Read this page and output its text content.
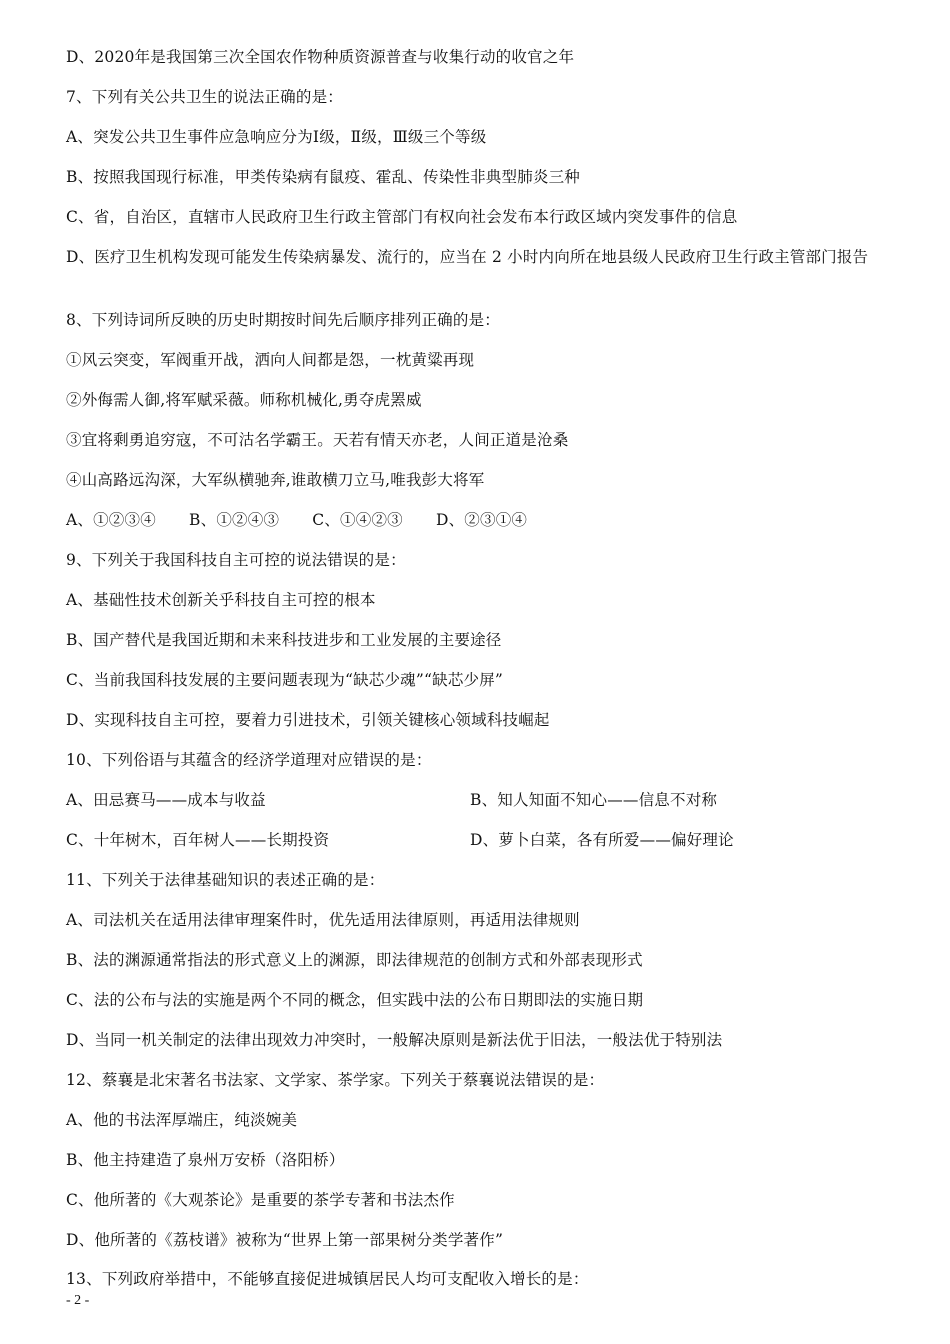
D、2020年是我国第三次全国农作物种质资源普查与收集行动的收官之年
7、下列有关公共卫生的说法正确的是：
A、突发公共卫生事件应急响应分为Ⅰ级，Ⅱ级，Ⅲ级三个等级
B、按照我国现行标准，甲类传染病有鼠疫、霍乱、传染性非典型肺炎三种
C、省，自治区，直辖市人民政府卫生行政主管部门有权向社会发布本行政区域内突发事件的信息
D、医疗卫生机构发现可能发生传染病暴发、流行的，应当在 2 小时内向所在地县级人民政府卫生行政主管部门报告
8、下列诗词所反映的历史时期按时间先后顺序排列正确的是：
①风云突变，军阀重开战，洒向人间都是怨，一枕黄粱再现
②外侮需人御,将军赋采薇。师称机械化,勇夺虎罴威
③宜将剩勇追穷寇，不可沽名学霸王。天若有情天亦老，人间正道是沧桑
④山高路远沟深，大军纵横驰奔,谁敢横刀立马,唯我彭大将军
A、①②③④ B、①②④③ C、①④②③ D、②③①④
9、下列关于我国科技自主可控的说法错误的是：
A、基础性技术创新关乎科技自主可控的根本
B、国产替代是我国近期和未来科技进步和工业发展的主要途径
C、当前我国科技发展的主要问题表现为“缺芯少魂”“缺芯少屏”
D、实现科技自主可控，要着力引进技术，引领关键核心领域科技崛起
10、下列俗语与其蕴含的经济学道理对应错误的是：
A、田忌赛马——成本与收益	B、知人知面不知心——信息不对称
C、十年树木，百年树人——长期投资	D、萝卜白菜，各有所爱——偏好理论
11、下列关于法律基础知识的表述正确的是：
A、司法机关在适用法律审理案件时，优先适用法律原则，再适用法律规则
B、法的渊源通常指法的形式意义上的渊源，即法律规范的创制方式和外部表现形式
C、法的公布与法的实施是两个不同的概念，但实践中法的公布日期即法的实施日期
D、当同一机关制定的法律出现效力冲突时，一般解决原则是新法优于旧法，一般法优于特别法
12、蔡襄是北宋著名书法家、文学家、茶学家。下列关于蔡襄说法错误的是：
A、他的书法浑厚端庄，纯淡婉美
B、他主持建造了泉州万安桥（洛阳桥）
C、他所著的《大观茶论》是重要的茶学专著和书法杰作
D、他所著的《荔枝谱》被称为“世界上第一部果树分类学著作”
13、下列政府举措中，不能够直接促进城镇居民人均可支配收入增长的是：
- 2 -
